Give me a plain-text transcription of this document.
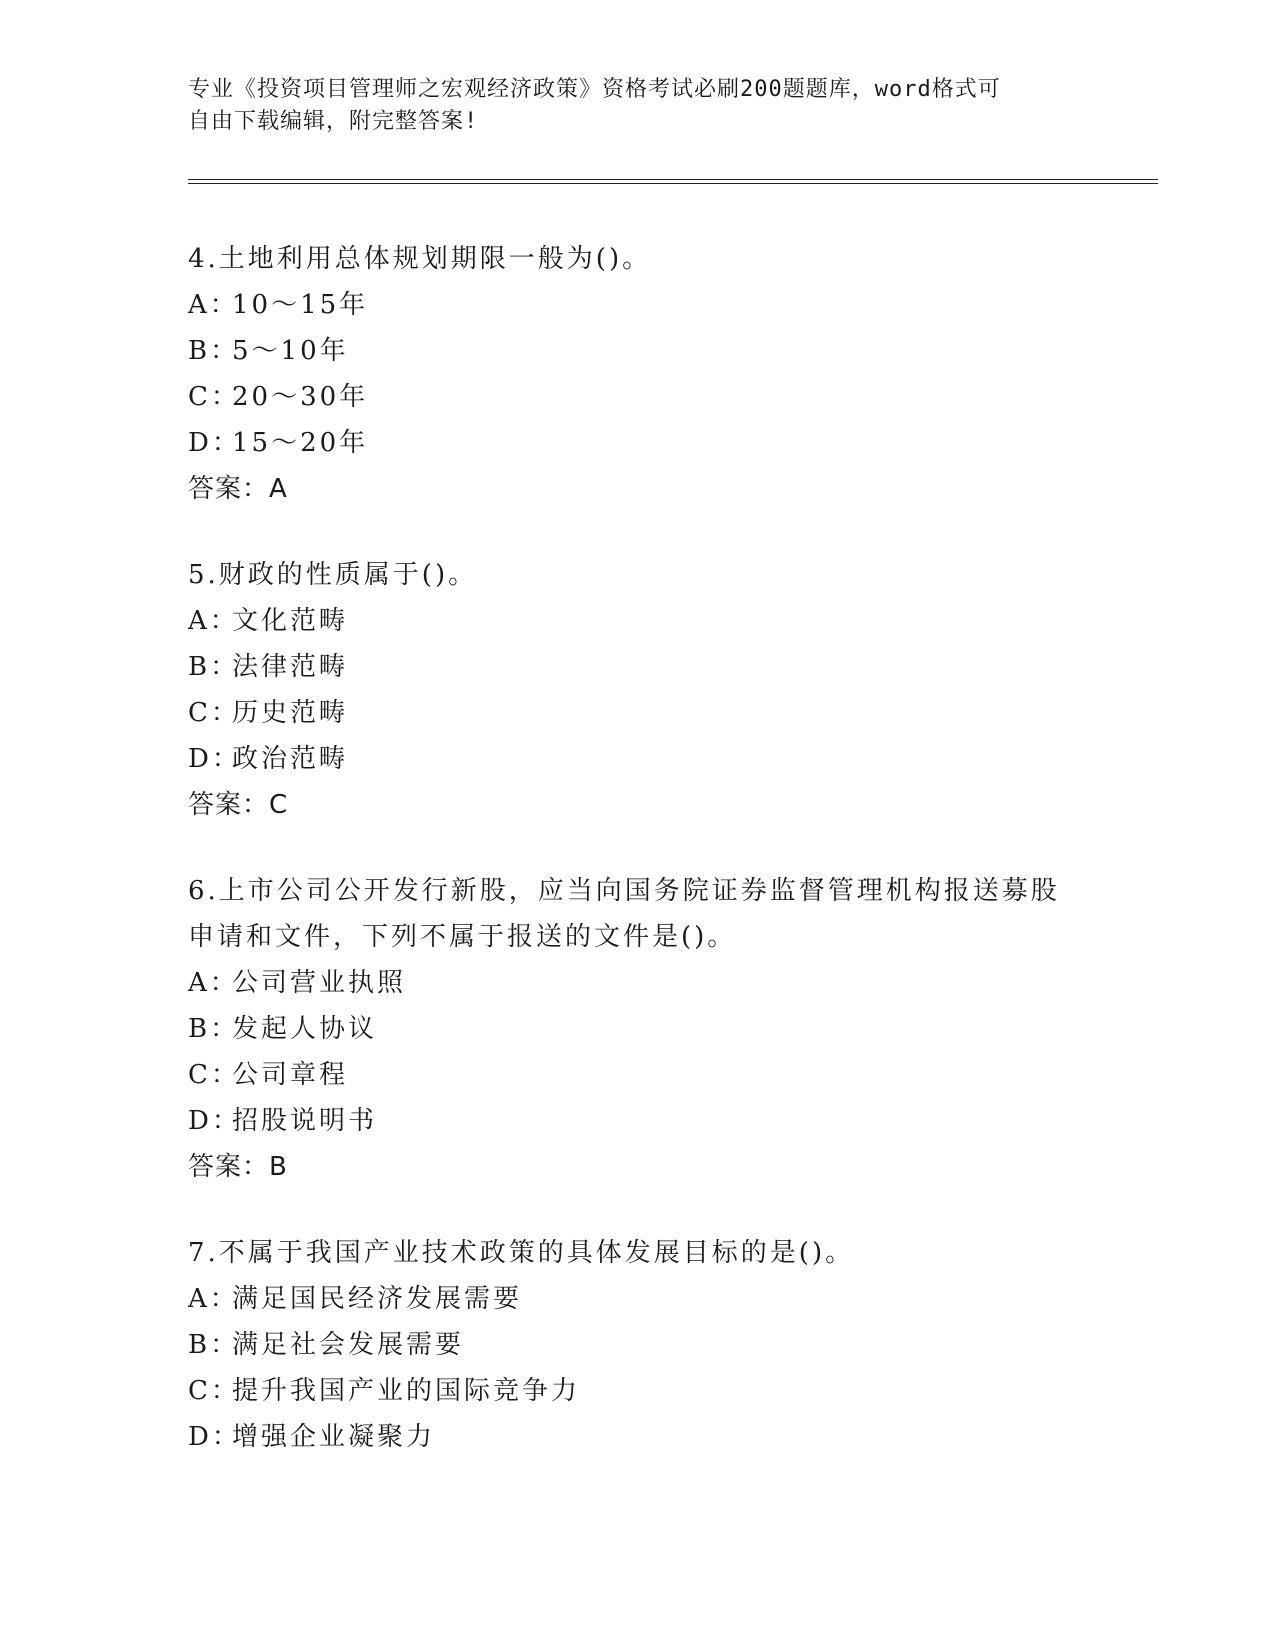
专业《投资项目管理师之宏观经济政策》资格考试必刷200题题库，word格式可
自由下载编辑，附完整答案!
4.土地利用总体规划期限一般为()。
A：10～15年
B：5～10年
C：20～30年
D：15～20年
答案：A
5.财政的性质属于()。
A：文化范畴
B：法律范畴
C：历史范畴
D：政治范畴
答案：C
6.上市公司公开发行新股，应当向国务院证券监督管理机构报送募股
申请和文件，下列不属于报送的文件是()。
A：公司营业执照
B：发起人协议
C：公司章程
D：招股说明书
答案：B
7.不属于我国产业技术政策的具体发展目标的是()。
A：满足国民经济发展需要
B：满足社会发展需要
C：提升我国产业的国际竞争力
D：增强企业凝聚力
